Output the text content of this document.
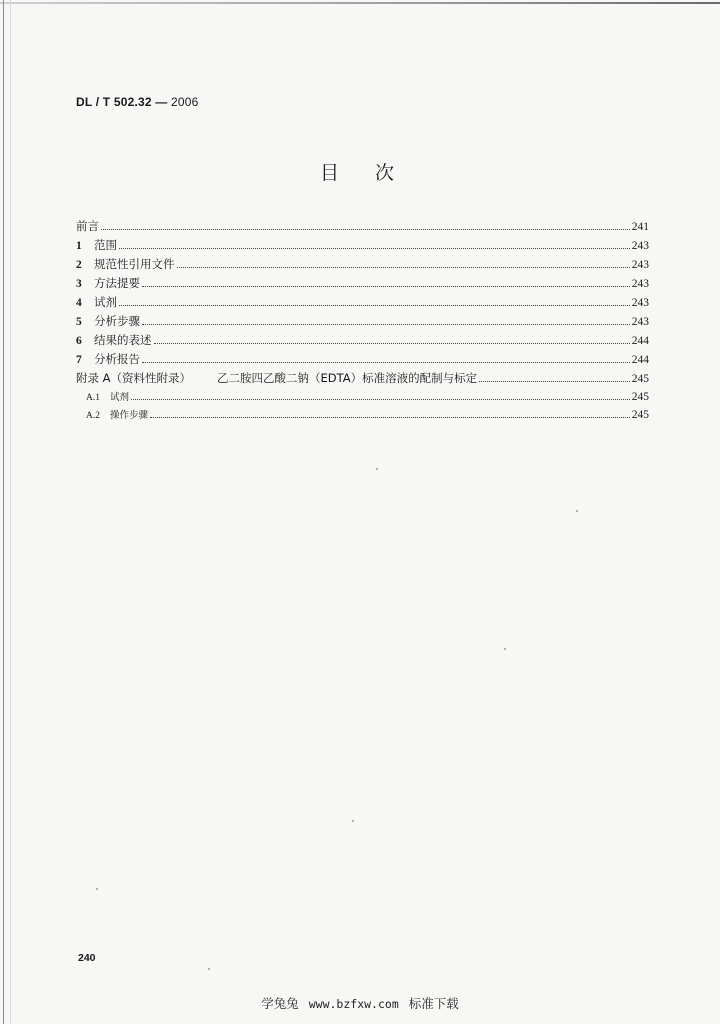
DL / T 502.32 — 2006
目 次
前言	241
1	范围	243
2	规范性引用文件	243
3	方法提要	243
4	试剂	243
5	分析步骤	243
6	结果的表述	244
7	分析报告	244
附录 A（资料性附录） 乙二胺四乙酸二钠（EDTA）标准溶液的配制与标定	245
A.1	试剂	245
A.2	操作步骤	245
240
学兔兔 www.bzfxw.com 标准下载
